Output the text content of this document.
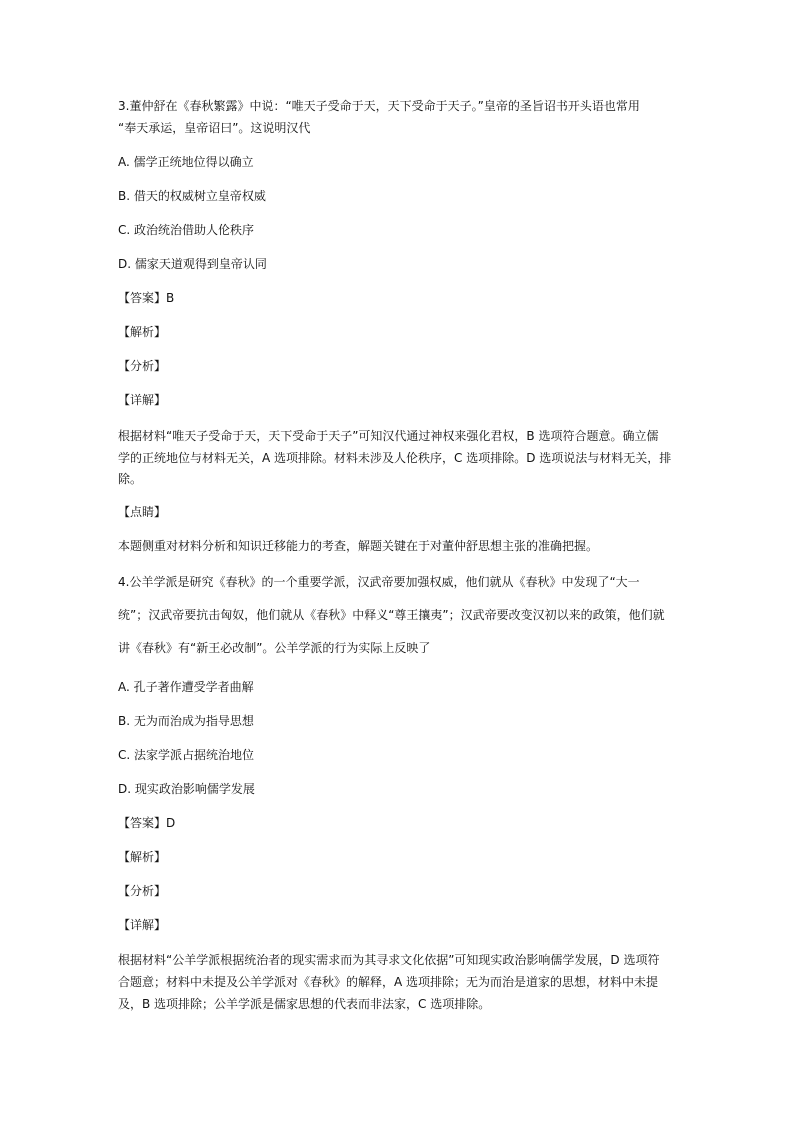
3.董仲舒在《春秋繁露》中说：“唯天子受命于天，天下受命于天子。”皇帝的圣旨诏书开头语也常用
“奉天承运，皇帝诏曰”。这说明汉代
A. 儒学正统地位得以确立
B. 借天的权威树立皇帝权威
C. 政治统治借助人伦秩序
D. 儒家天道观得到皇帝认同
【答案】B
【解析】
【分析】
【详解】
根据材料“唯天子受命于天，天下受命于天子”可知汉代通过神权来强化君权，B 选项符合题意。确立儒
学的正统地位与材料无关，A 选项排除。材料未涉及人伦秩序，C 选项排除。D 选项说法与材料无关，排
除。
【点睛】
本题侧重对材料分析和知识迁移能力的考查，解题关键在于对董仲舒思想主张的准确把握。
4.公羊学派是研究《春秋》的一个重要学派，汉武帝要加强权威，他们就从《春秋》中发现了“大一
统”；汉武帝要抗击匈奴，他们就从《春秋》中释义“尊王攘夷”；汉武帝要改变汉初以来的政策，他们就
讲《春秋》有“新王必改制”。公羊学派的行为实际上反映了
A. 孔子著作遭受学者曲解
B. 无为而治成为指导思想
C. 法家学派占据统治地位
D. 现实政治影响儒学发展
【答案】D
【解析】
【分析】
【详解】
根据材料“公羊学派根据统治者的现实需求而为其寻求文化依据”可知现实政治影响儒学发展，D 选项符
合题意；材料中未提及公羊学派对《春秋》的解释，A 选项排除；无为而治是道家的思想，材料中未提
及，B 选项排除；公羊学派是儒家思想的代表而非法家，C 选项排除。
